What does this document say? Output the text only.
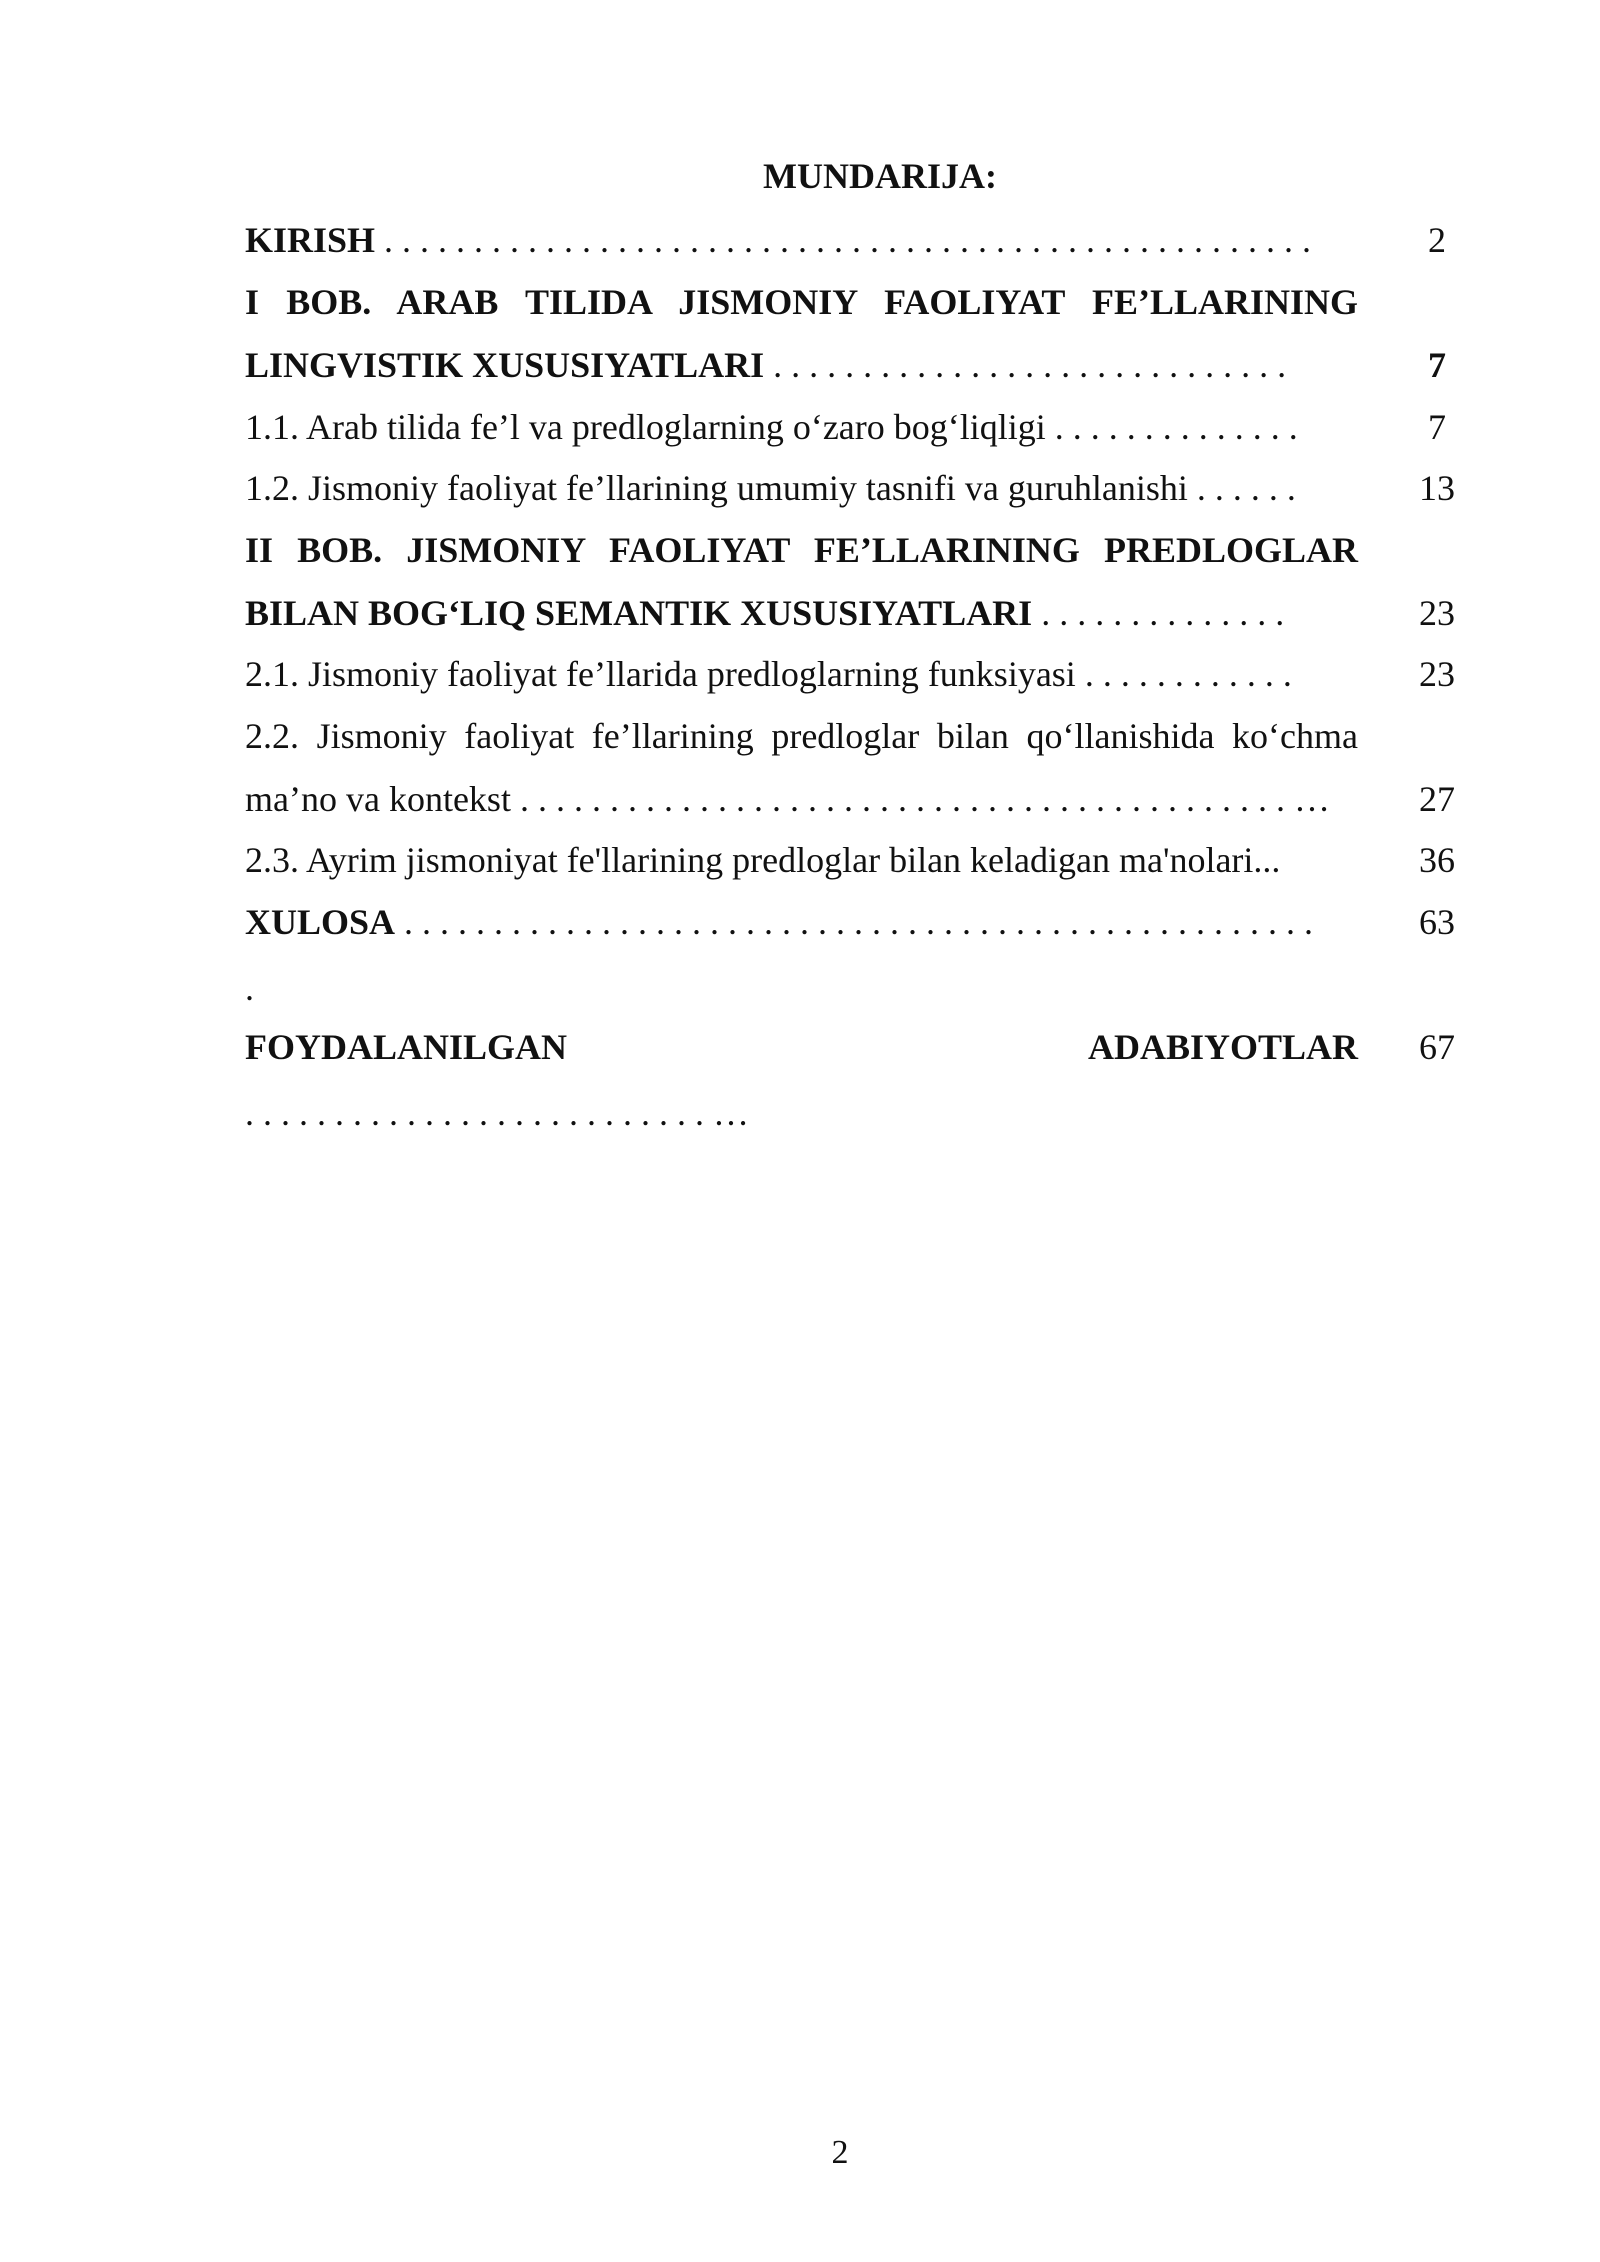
MUNDARIJA:
KIRISH . . . . . . . . . . . . . . . . . . . . . . . . . . . . . . . . . . . . . . . . . . . . . . . . . . . .	2
I BOB. ARAB TILIDA JISMONIY FAOLIYAT FE’LLARINING
LINGVISTIK XUSUSIYATLARI . . . . . . . . . . . . . . . . . . . . . . . . . . . . .	7
1.1. Arab tilida fe’l va predloglarning o‘zaro bog‘liqligi . . . . . . . . . . . . . .	7
1.2. Jismoniy faoliyat fe’llarining umumiy tasnifi va guruhlanishi . . . . . .	13
II BOB. JISMONIY FAOLIYAT FE’LLARINING PREDLOGLAR
BILAN BOG‘LIQ SEMANTIK XUSUSIYATLARI . . . . . . . . . . . . . .	23
2.1. Jismoniy faoliyat fe’llarida predloglarning funksiyasi . . . . . . . . . . . .	23
2.2. Jismoniy faoliyat fe’llarining predloglar bilan qo‘llanishida ko‘chma
ma’no va kontekst . . . . . . . . . . . . . . . . . . . . . . . . . . . . . . . . . . . . . . . . . . . …	27
2.3. Ayrim jismoniyat fe'llarining predloglar bilan keladigan ma'nolari...	36
XULOSA . . . . . . . . . . . . . . . . . . . . . . . . . . . . . . . . . . . . . . . . . . . . . . . . . . .	63
.
FOYDALANILGAN                                    ADABIYOTLAR	67
. . . . . . . . . . . . . . . . . . . . . . . . . . …
2
